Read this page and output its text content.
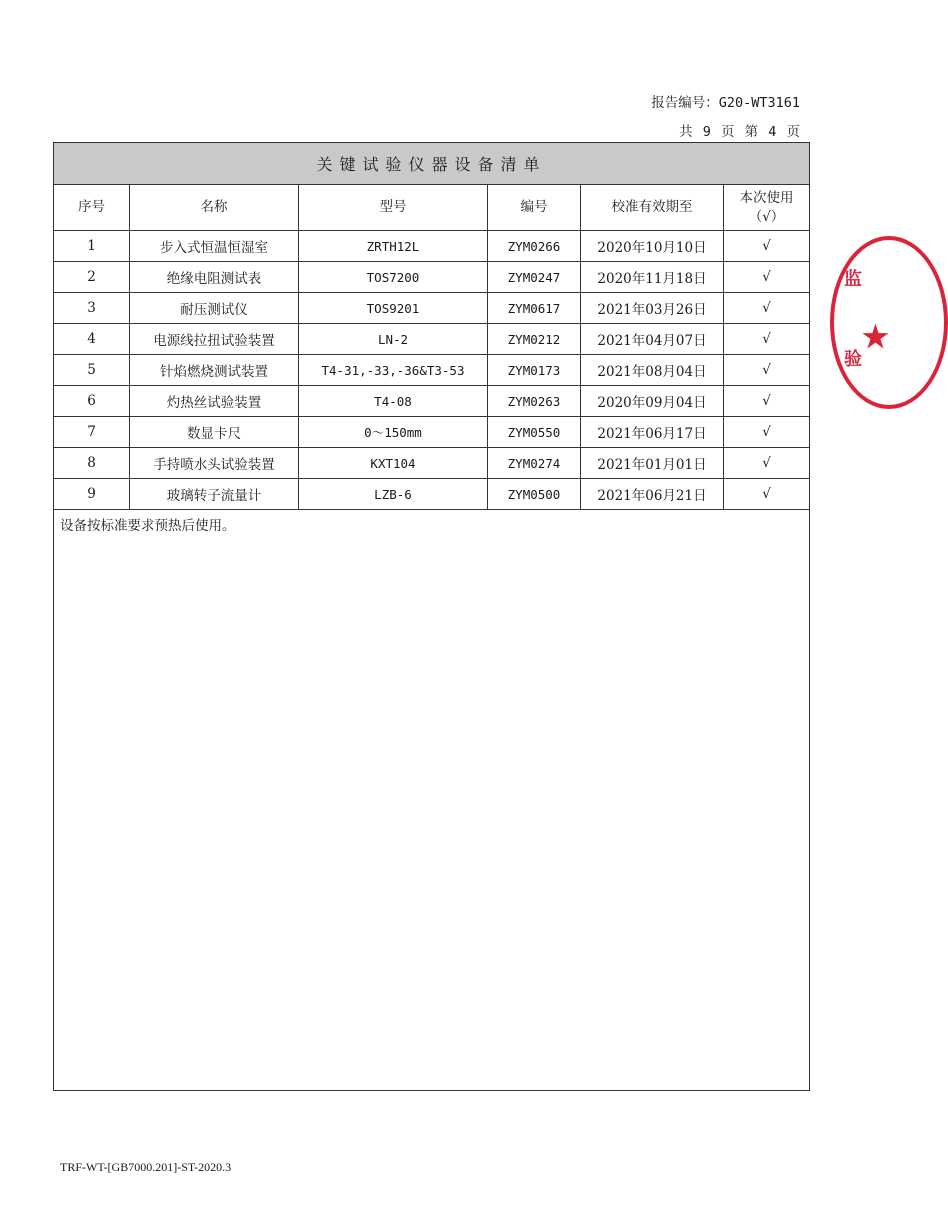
报告编号：G20-WT3161
共 9 页 第 4 页
关键试验仪器设备清单					
序号	名称	型号	编号	校准有效期至	本次使用
（√）

1	步入式恒温恒湿室	ZRTH12L	ZYM0266	2020年10月10日	√
2	绝缘电阻测试表	TOS7200	ZYM0247	2020年11月18日	√
3	耐压测试仪	TOS9201	ZYM0617	2021年03月26日	√
4	电源线拉扭试验装置	LN-2	ZYM0212	2021年04月07日	√
5	针焰燃烧测试装置	T4-31,-33,-36&T3-53	ZYM0173	2021年08月04日	√
6	灼热丝试验装置	T4-08	ZYM0263	2020年09月04日	√
7	数显卡尺	0～150mm	ZYM0550	2021年06月17日	√
8	手持喷水头试验装置	KXT104	ZYM0274	2021年01月01日	√
9	玻璃转子流量计	LZB-6	ZYM0500	2021年06月21日	√
设备按标准要求预热后使用。					
监
★
验
TRF-WT-[GB7000.201]-ST-2020.3
